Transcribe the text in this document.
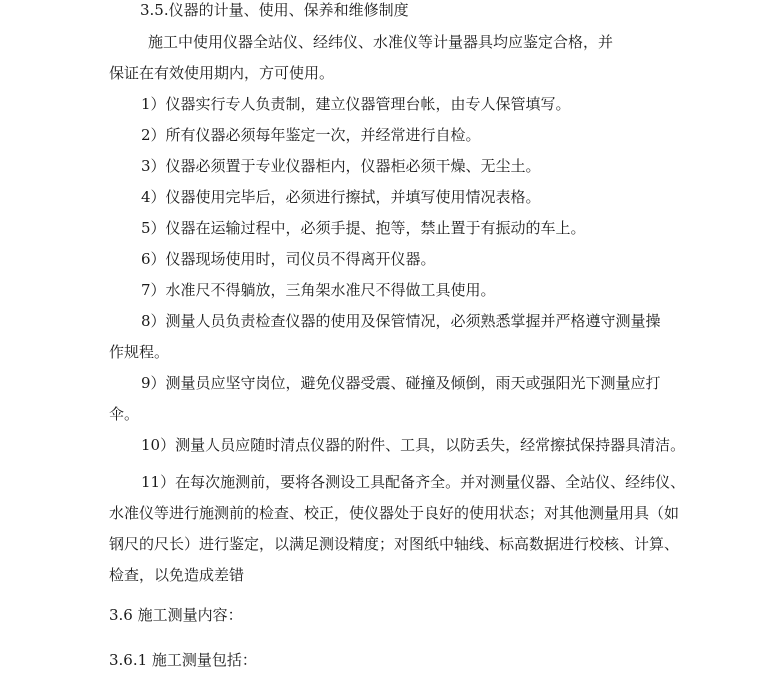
3.5.仪器的计量、使用、保养和维修制度
施工中使用仪器全站仪、经纬仪、水准仪等计量器具均应鉴定合格，并
保证在有效使用期内，方可使用。
1）仪器实行专人负责制，建立仪器管理台帐，由专人保管填写。
2）所有仪器必须每年鉴定一次，并经常进行自检。
3）仪器必须置于专业仪器柜内，仪器柜必须干燥、无尘土。
4）仪器使用完毕后，必须进行擦拭，并填写使用情况表格。
5）仪器在运输过程中，必须手提、抱等，禁止置于有振动的车上。
6）仪器现场使用时，司仪员不得离开仪器。
7）水准尺不得躺放，三角架水准尺不得做工具使用。
8）测量人员负责检查仪器的使用及保管情况，必须熟悉掌握并严格遵守测量操
作规程。
9）测量员应坚守岗位，避免仪器受震、碰撞及倾倒，雨天或强阳光下测量应打
伞。
10）测量人员应随时清点仪器的附件、工具，以防丢失，经常擦拭保持器具清洁。
11）在每次施测前，要将各测设工具配备齐全。并对测量仪器、全站仪、经纬仪、
水准仪等进行施测前的检查、校正，使仪器处于良好的使用状态；对其他测量用具（如
钢尺的尺长）进行鉴定，以满足测设精度；对图纸中轴线、标高数据进行校核、计算、
检查，以免造成差错
3.6 施工测量内容：
3.6.1 施工测量包括：
